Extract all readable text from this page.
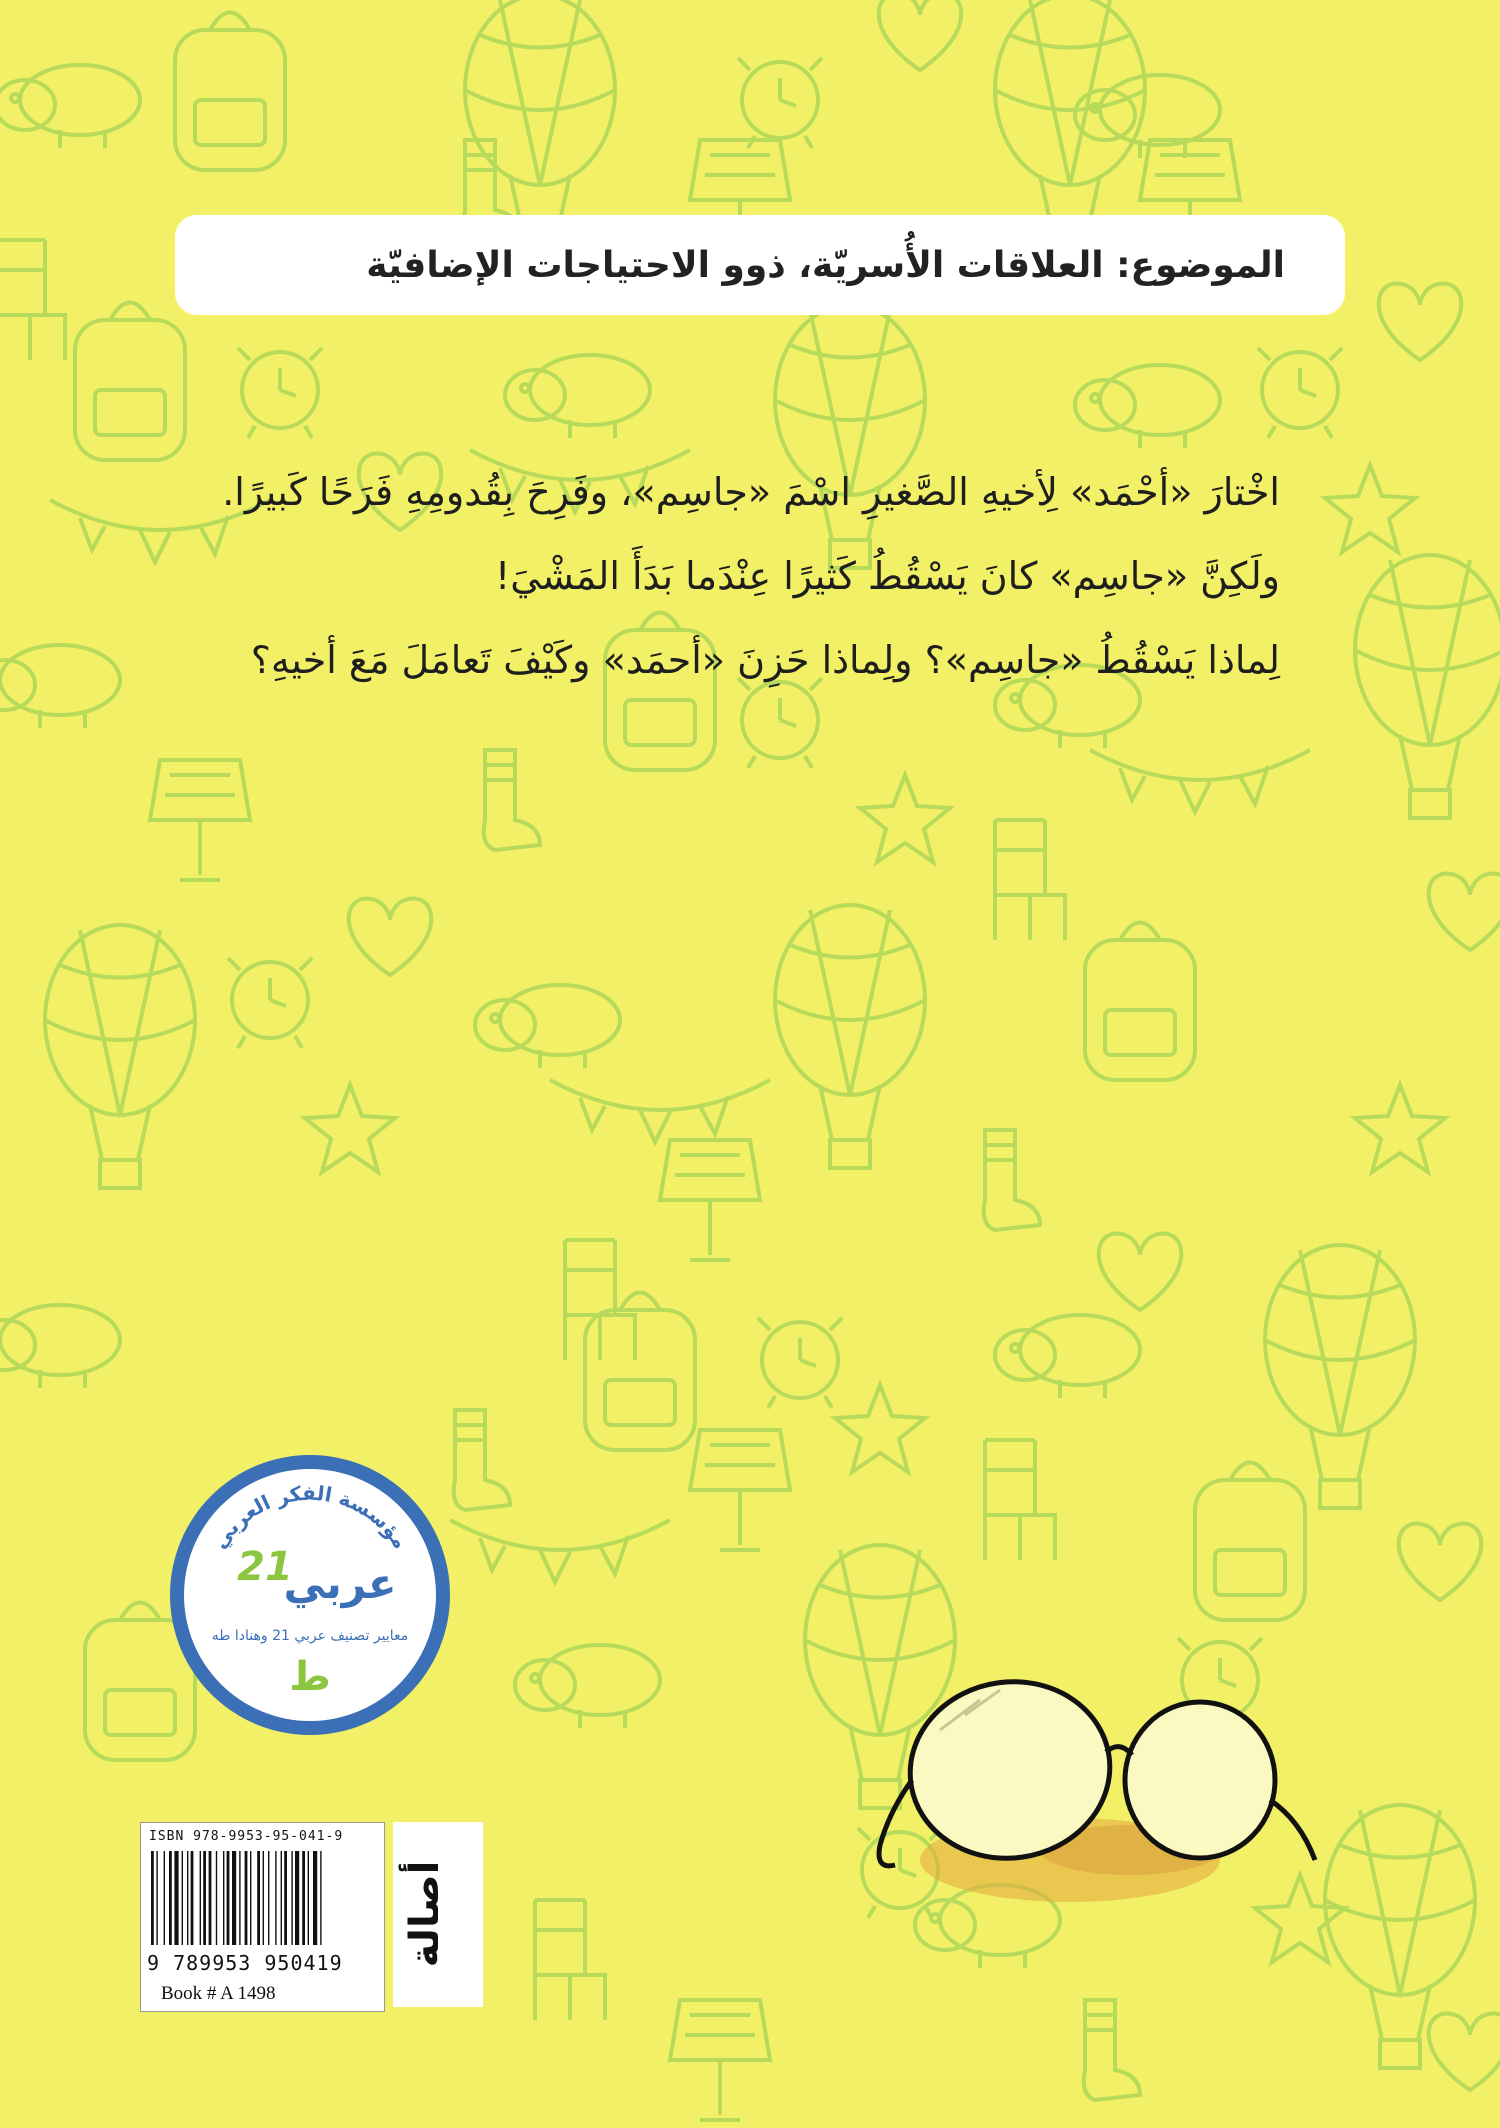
الموضوع: العلاقات الأُسريّة، ذوو الاحتياجات الإضافيّة
اخْتارَ «أحْمَد» لِأخيهِ الصَّغيرِ اسْمَ «جاسِم»، وفَرِحَ بِقُدومِهِ فَرَحًا كَبيرًا.
ولَكِنَّ «جاسِم» كانَ يَسْقُطُ كَثيرًا عِنْدَما بَدَأَ المَشْيَ!
لِماذا يَسْقُطُ «جاسِم»؟ ولِماذا حَزِنَ «أحمَد» وكَيْفَ تَعامَلَ مَعَ أخيهِ؟
مؤسسة الفكر العربي
عربي
21
معايير تصنيف عربي 21 وهنادا طه
ط
ISBN 978-9953-95-041-9
9 789953 950419
Book # A 1498
أصالة
